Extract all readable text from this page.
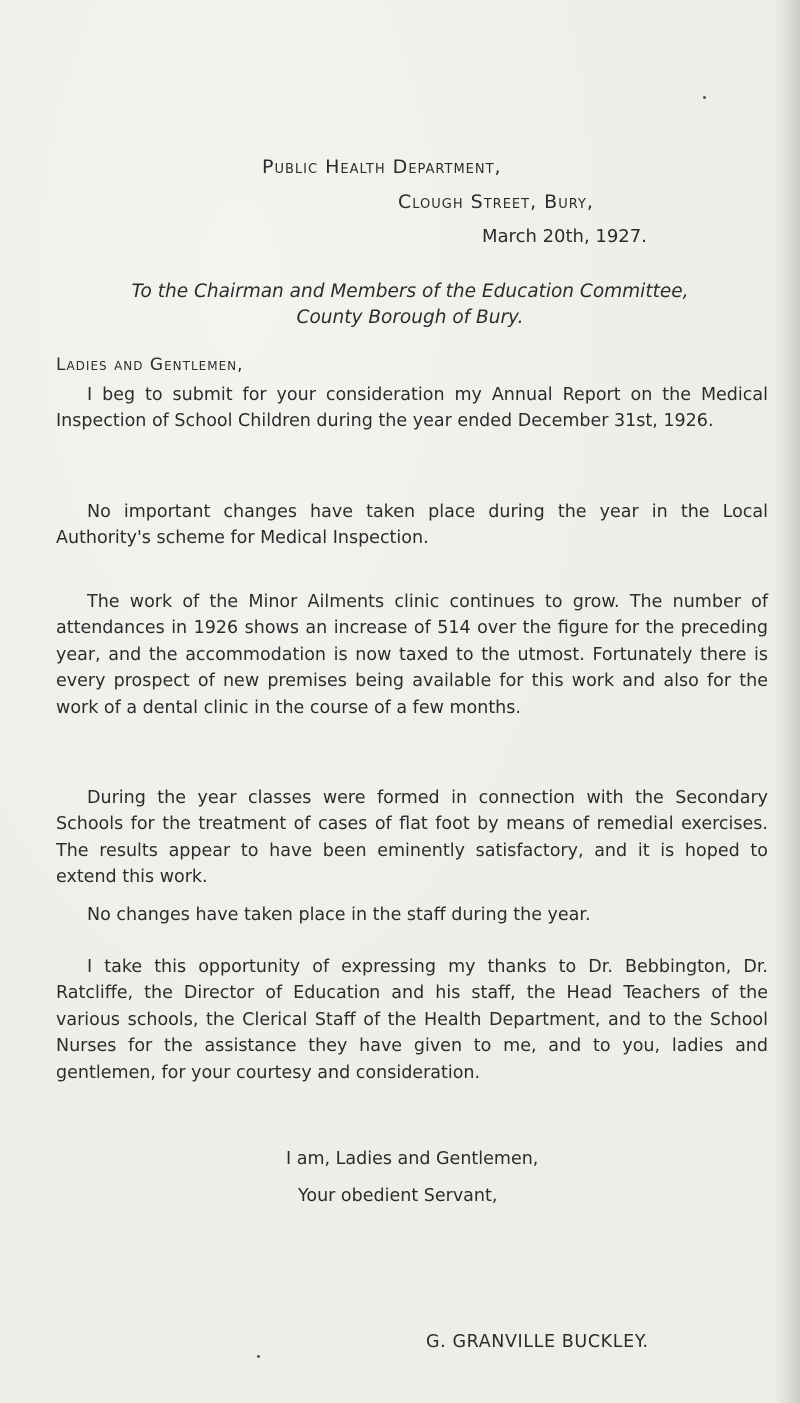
Public Health Department,
Clough Street, Bury,
March 20th, 1927.
To the Chairman and Members of the Education Committee,
County Borough of Bury.
Ladies and Gentlemen,

I beg to submit for your consideration my Annual Report on the Medical Inspection of School Children during the year ended December 31st, 1926.

No important changes have taken place during the year in the Local Authority's scheme for Medical Inspection.

The work of the Minor Ailments clinic continues to grow. The number of attendances in 1926 shows an increase of 514 over the figure for the preceding year, and the accommodation is now taxed to the utmost. Fortunately there is every prospect of new premises being available for this work and also for the work of a dental clinic in the course of a few months.

During the year classes were formed in connection with the Secondary Schools for the treatment of cases of flat foot by means of remedial exercises. The results appear to have been eminently satisfactory, and it is hoped to extend this work.

No changes have taken place in the staff during the year.

I take this opportunity of expressing my thanks to Dr. Bebbington, Dr. Ratcliffe, the Director of Education and his staff, the Head Teachers of the various schools, the Clerical Staff of the Health Department, and to the School Nurses for the assistance they have given to me, and to you, ladies and gentlemen, for your courtesy and consideration.

I am, Ladies and Gentlemen,
Your obedient Servant,
G. GRANVILLE BUCKLEY.
